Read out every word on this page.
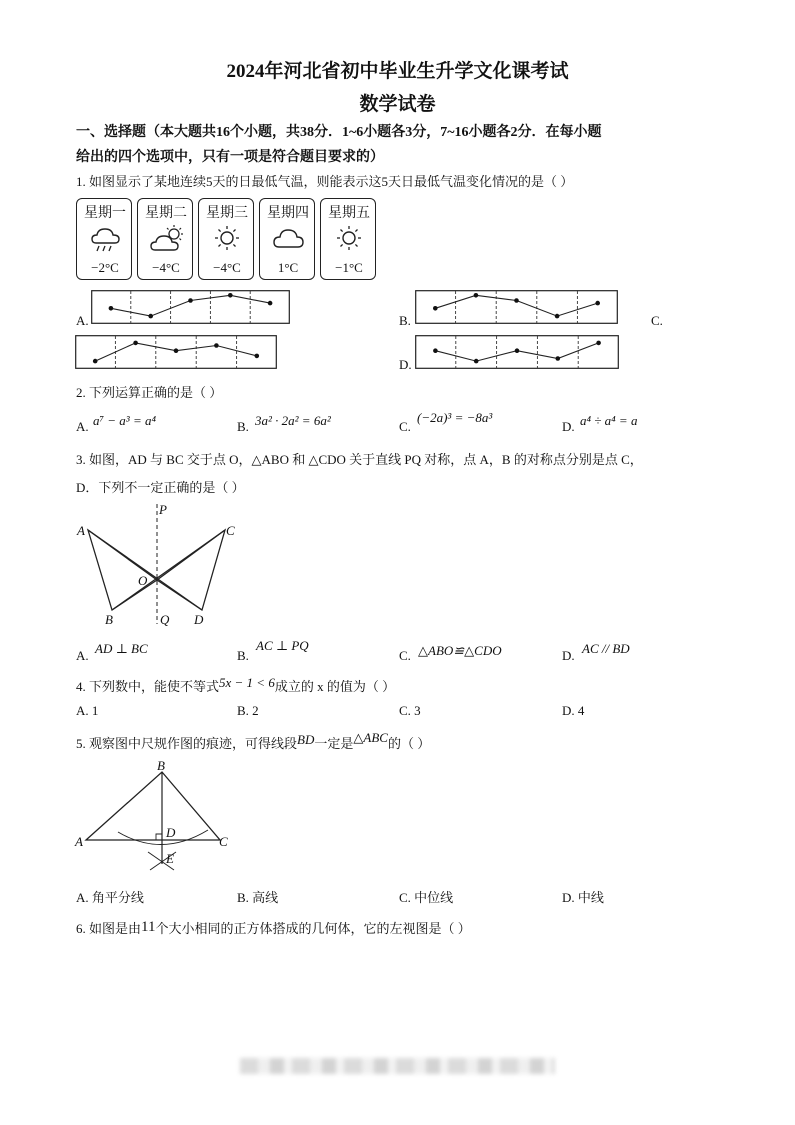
2024年河北省初中毕业生升学文化课考试
数学试卷
一、选择题（本大题共16个小题，共38分．1~6小题各3分，7~16小题各2分．在每小题
给出的四个选项中，只有一项是符合题目要求的）
1. 如图显示了某地连续5天的日最低气温，则能表示这5天日最低气温变化情况的是（ ）
星期一
−2°C
星期二
−4°C
星期三
−4°C
星期四
1°C
星期五
−1°C
A.	B.	C.
D.
2. 下列运算正确的是（ ）
A. a⁷ − a³ = a⁴	B. 3a² · 2a² = 6a²	C.
(−2a)³ = −8a³
D. a⁴ ÷ a⁴ = a
3. 如图，AD 与 BC 交于点 O，△ABO 和 △CDO 关于直线 PQ 对称，点 A，B 的对称点分别是点 C，
D．下列不一定正确的是（ ）
A	C
P
O
B	Q D
A. AD ⊥ BC	B.
AC ⊥ PQ
C. △ABO≌△CDO	D. AC // BD
4. 下列数中，能使不等式5x − 1 < 6成立的 x 的值为（ ）
A. 1	B. 2	C. 3	D. 4
5. 观察图中尺规作图的痕迹，可得线段BD一定是△ABC的（ ）
B
A	C
D
E
A. 角平分线	B. 高线	C. 中位线	D. 中线
6. 如图是由11个大小相同的正方体搭成的几何体，它的左视图是（ ）
